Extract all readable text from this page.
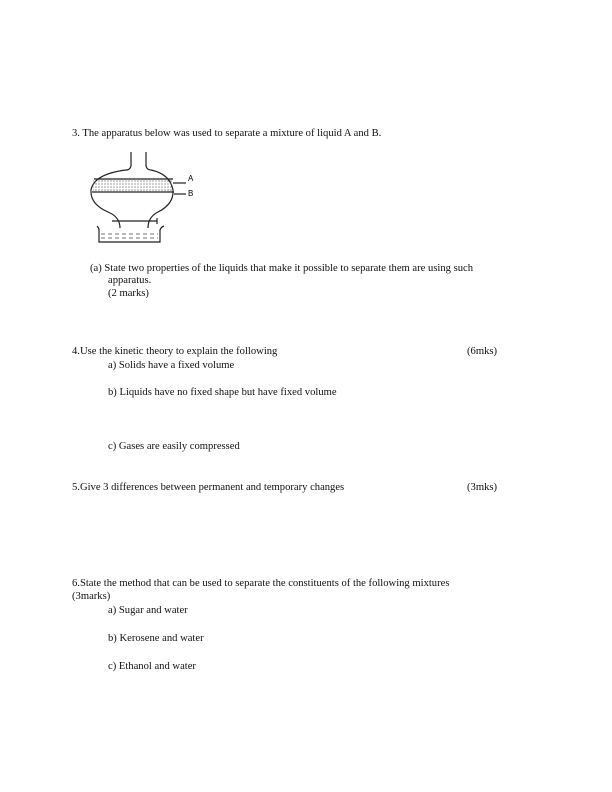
3. The apparatus below was used to separate a mixture of liquid A and B.
A
B
(a) State two properties of the liquids that make it possible to separate them are using such
apparatus.
(2 marks)
4.Use the kinetic theory to explain the following	(6mks)
a) Solids have a fixed volume
b) Liquids have no fixed shape but have fixed volume
c) Gases are easily compressed
5.Give 3 differences between permanent and temporary changes	(3mks)
6.State the method that can be used to separate the constituents of the following mixtures
(3marks)
a) Sugar and water
b) Kerosene and water
c) Ethanol and water
